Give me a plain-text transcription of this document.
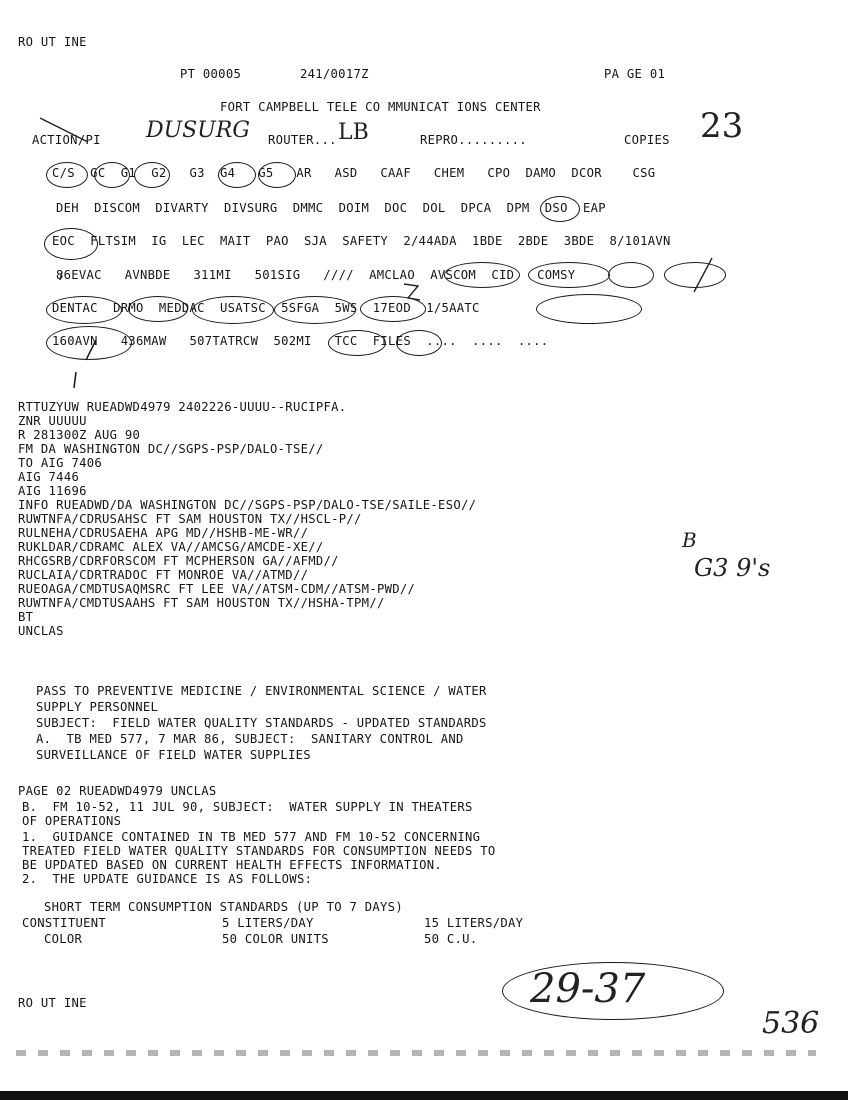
RO UT INE
PT 00005	241/0017Z	PA GE 01
FORT CAMPBELL TELE CO MMUNICAT IONS CENTER
ACTION/PI DUSURG ROUTER... LB	REPRO.........	COPIES 23
C/S  GC  G1  G2   G3  G4   G5   AR   ASD   CAAF   CHEM   CPO  DAMO  DCOR    CSG
DEH  DISCOM  DIVARTY  DIVSURG  DMMC  DOIM  DOC  DOL  DPCA  DPM  DSO  EAP
EOC  FLTSIM  IG  LEC  MAIT  PAO  SJA  SAFETY  2/44ADA  1BDE  2BDE  3BDE  8/101AVN
86EVAC   AVNBDE   311MI   501SIG   ////  AMCLAO  AVSCOM  CID   COMSY
DENTAC  DRMO  MEDDAC  USATSC  5SFGA  5WS  17EOD  1/5AATC
160AVN   436MAW   507TATRCW  502MI   TCC  FILES  ....  ....  ....
RTTUZYUW RUEADWD4979 2402226-UUUU--RUCIPFA.
ZNR UUUUU
R 281300Z AUG 90
FM DA WASHINGTON DC//SGPS-PSP/DALO-TSE//
TO AIG 7406
AIG 7446
AIG 11696
INFO RUEADWD/DA WASHINGTON DC//SGPS-PSP/DALO-TSE/SAILE-ESO//
RUWTNFA/CDRUSAHSC FT SAM HOUSTON TX//HSCL-P//
RULNEHA/CDRUSAEHA APG MD//HSHB-ME-WR//
RUKLDAR/CDRAMC ALEX VA//AMCSG/AMCDE-XE//
RHCGSRB/CDRFORSCOM FT MCPHERSON GA//AFMD//
RUCLAIA/CDRTRADOC FT MONROE VA//ATMD//
RUEOAGA/CMDTUSAQMSRC FT LEE VA//ATSM-CDM//ATSM-PWD//
RUWTNFA/CMDTUSAAHS FT SAM HOUSTON TX//HSHA-TPM//
BT
UNCLAS
B
G3 9's
PASS TO PREVENTIVE MEDICINE / ENVIRONMENTAL SCIENCE / WATER
SUPPLY PERSONNEL
SUBJECT:  FIELD WATER QUALITY STANDARDS - UPDATED STANDARDS
A.  TB MED 577, 7 MAR 86, SUBJECT:  SANITARY CONTROL AND
SURVEILLANCE OF FIELD WATER SUPPLIES
PAGE 02 RUEADWD4979 UNCLAS
B.  FM 10-52, 11 JUL 90, SUBJECT:  WATER SUPPLY IN THEATERS
OF OPERATIONS
1.  GUIDANCE CONTAINED IN TB MED 577 AND FM 10-52 CONCERNING
TREATED FIELD WATER QUALITY STANDARDS FOR CONSUMPTION NEEDS TO
BE UPDATED BASED ON CURRENT HEALTH EFFECTS INFORMATION.
2.  THE UPDATE GUIDANCE IS AS FOLLOWS:
SHORT TERM CONSUMPTION STANDARDS (UP TO 7 DAYS)
CONSTITUENT	5 LITERS/DAY	15 LITERS/DAY
COLOR	50 COLOR UNITS	50 C.U.
RO UT INE	29-37
536
